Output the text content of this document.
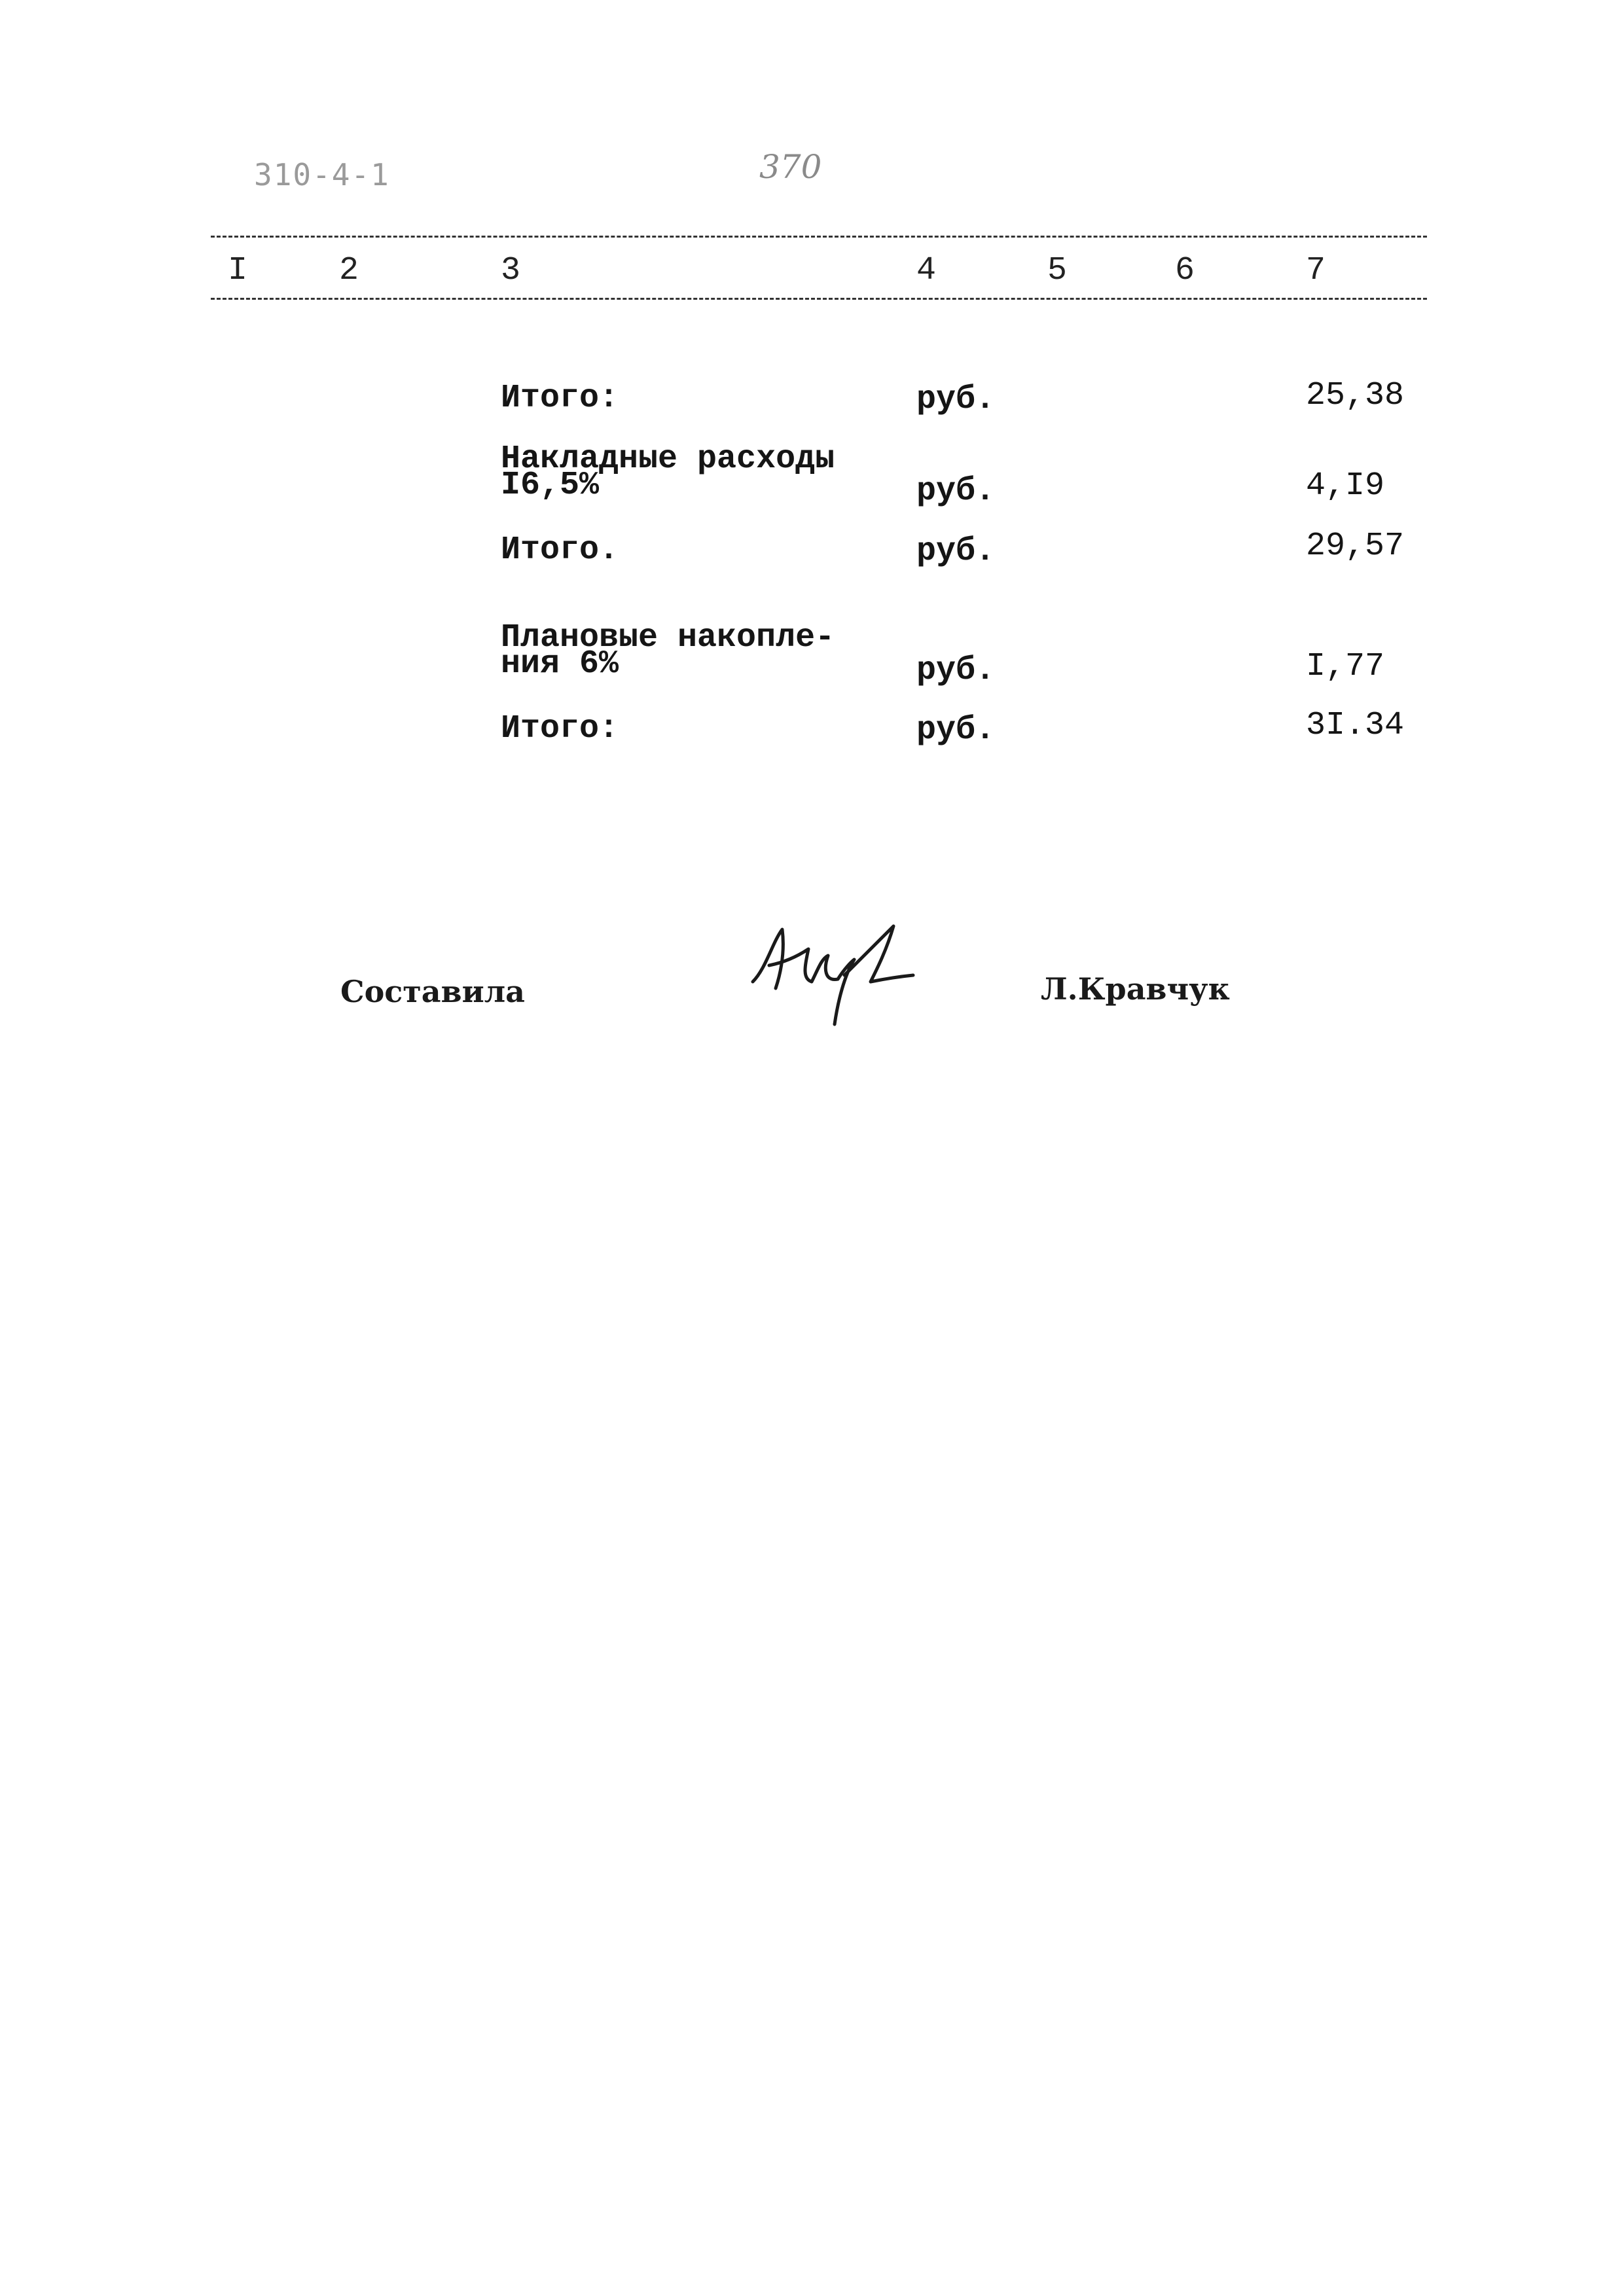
310-4-1	370
I	2	3	4	5	6	7
Итого:	руб.	25,38
Накладные расходы
I6,5%	руб.	4,I9
Итого.	руб.	29,57
Плановые накопле-
ния 6%	руб.	I,77
Итого:	руб.	3I.34
Составила	Л.Кравчук
